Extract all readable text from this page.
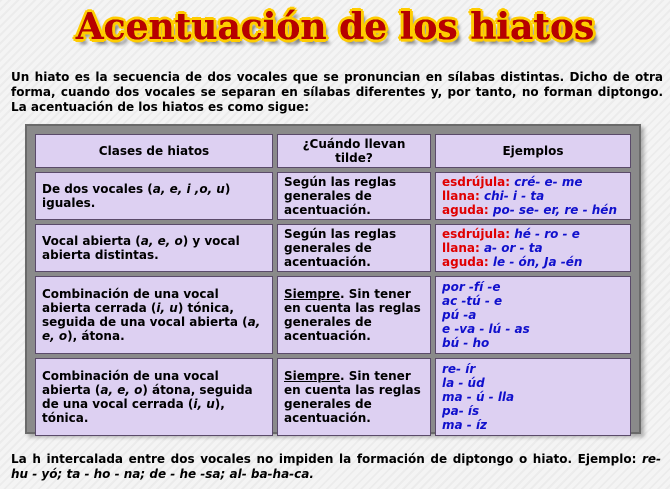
Acentuación de los hiatos
Un hiato es la secuencia de dos vocales que se pronuncian en sílabas distintas. Dicho de otra forma, cuando dos vocales se separan en sílabas diferentes y, por tanto, no forman diptongo. La acentuación de los hiatos es como sigue:
Clases de hiatos	¿Cuándo llevan tilde?	Ejemplos
De dos vocales (a, e, i ,o, u) iguales.	Según las reglas generales de acentuación.	esdrújula: cré- e- me
llana: chi- i - ta
aguda: po- se- er, re - hén

Vocal abierta (a, e, o) y vocal abierta distintas.	Según las reglas generales de acentuación.	esdrújula: hé - ro - e
llana: a- or - ta
aguda: le - ón, Ja -én

Combinación de una vocal abierta cerrada (i, u) tónica, seguida de una vocal abierta (a, e, o), átona.	Siempre. Sin tener en cuenta las reglas generales de acentuación.	por -fí -e
ac -tú - e
pú -a
e -va - lú - as
bú - ho

Combinación de una vocal abierta (a, e, o) átona, seguida de una vocal cerrada (i, u), tónica.	Siempre. Sin tener en cuenta las reglas generales de acentuación.	re- ír
la - úd
ma - ú - lla
pa- ís
ma - íz
La h intercalada entre dos vocales no impiden la formación de diptongo o hiato. Ejemplo: re- hu - yó; ta - ho - na; de - he -sa; al- ba-ha-ca.
